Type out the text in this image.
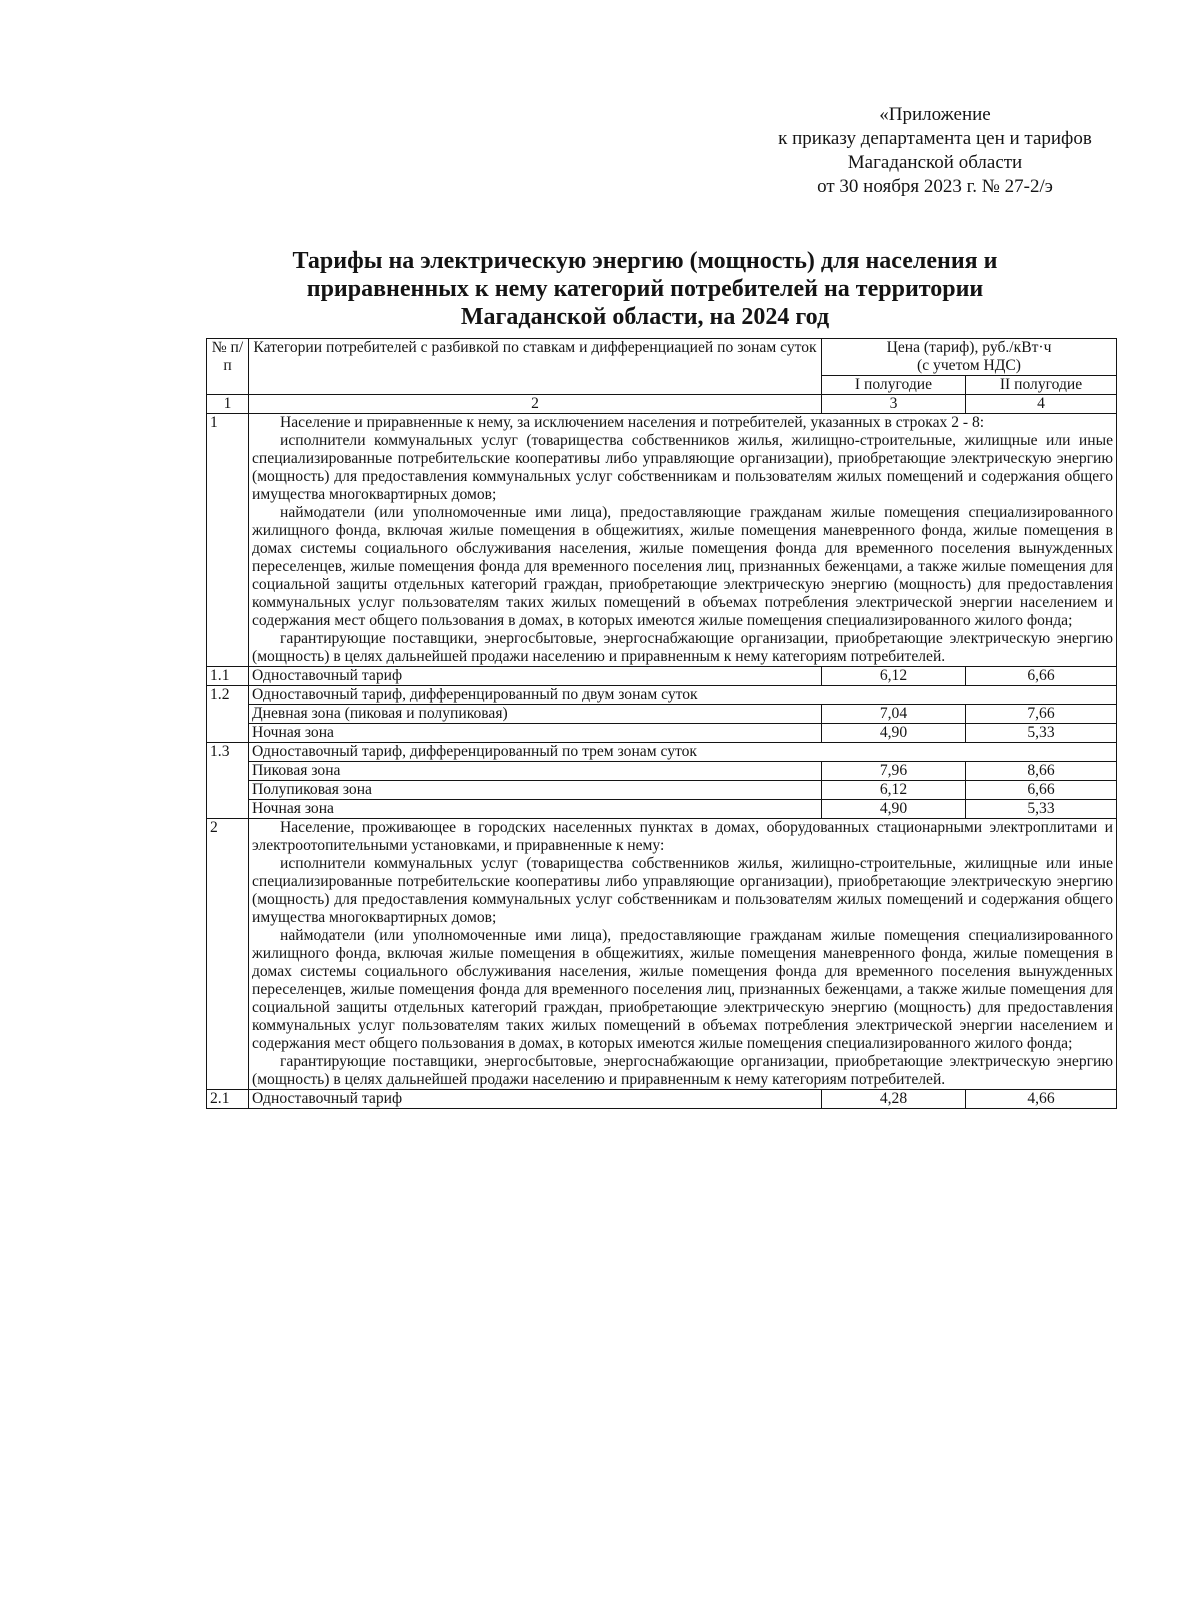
«Приложение
к приказу департамента цен и тарифов
Магаданской области
от 30 ноября 2023 г. № 27-2/э
Тарифы на электрическую энергию (мощность) для населения и
приравненных к нему категорий потребителей на территории
Магаданской области, на 2024 год
№ п/п	Категории потребителей с разбивкой по ставкам и дифференциацией по зонам суток	Цена (тариф), руб./кВт·ч
(с учетом НДС)	

		I полугодие	II полугодие
1	2	3	4
1	Население и приравненные к нему, за исключением населения и потребителей, указанных в строках 2 - 8:
исполнители коммунальных услуг (товарищества собственников жилья, жилищно-строительные, жилищные или иные специализированные потребительские кооперативы либо управляющие организации), приобретающие электрическую энергию (мощность) для предоставления коммунальных услуг собственникам и пользователям жилых помещений и содержания общего имущества многоквартирных домов;
наймодатели (или уполномоченные ими лица), предоставляющие гражданам жилые помещения специализированного жилищного фонда, включая жилые помещения в общежитиях, жилые помещения маневренного фонда, жилые помещения в домах системы социального обслуживания населения, жилые помещения фонда для временного поселения вынужденных переселенцев, жилые помещения фонда для временного поселения лиц, признанных беженцами, а также жилые помещения для социальной защиты отдельных категорий граждан, приобретающие электрическую энергию (мощность) для предоставления коммунальных услуг пользователям таких жилых помещений в объемах потребления электрической энергии населением и содержания мест общего пользования в домах, в которых имеются жилые помещения специализированного жилого фонда;
гарантирующие поставщики, энергосбытовые, энергоснабжающие организации, приобретающие электрическую энергию (мощность) в целях дальнейшей продажи населению и приравненным к нему категориям потребителей.		

1.1	Одноставочный тариф	6,12	6,66
1.2	Одноставочный тариф, дифференцированный по двум зонам суток		
	Дневная зона (пиковая и полупиковая)	7,04	7,66
	Ночная зона	4,90	5,33
1.3	Одноставочный тариф, дифференцированный по трем зонам суток		
	Пиковая зона	7,96	8,66
	Полупиковая зона	6,12	6,66
	Ночная зона	4,90	5,33
2	Население, проживающее в городских населенных пунктах в домах, оборудованных стационарными электроплитами и электроотопительными установками, и приравненные к нему:
исполнители коммунальных услуг (товарищества собственников жилья, жилищно-строительные, жилищные или иные специализированные потребительские кооперативы либо управляющие организации), приобретающие электрическую энергию (мощность) для предоставления коммунальных услуг собственникам и пользователям жилых помещений и содержания общего имущества многоквартирных домов;
наймодатели (или уполномоченные ими лица), предоставляющие гражданам жилые помещения специализированного жилищного фонда, включая жилые помещения в общежитиях, жилые помещения маневренного фонда, жилые помещения в домах системы социального обслуживания населения, жилые помещения фонда для временного поселения вынужденных переселенцев, жилые помещения фонда для временного поселения лиц, признанных беженцами, а также жилые помещения для социальной защиты отдельных категорий граждан, приобретающие электрическую энергию (мощность) для предоставления коммунальных услуг пользователям таких жилых помещений в объемах потребления электрической энергии населением и содержания мест общего пользования в домах, в которых имеются жилые помещения специализированного жилого фонда;
гарантирующие поставщики, энергосбытовые, энергоснабжающие организации, приобретающие электрическую энергию (мощность) в целях дальнейшей продажи населению и приравненным к нему категориям потребителей.		

2.1	Одноставочный тариф	4,28	4,66
